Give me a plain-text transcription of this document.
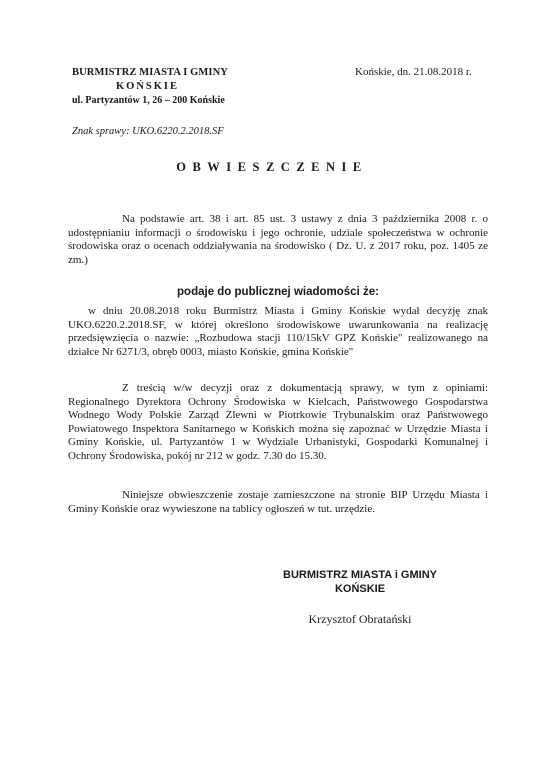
BURMISTRZ MIASTA I GMINY
KOŃSKIE
ul. Partyzantów 1, 26 – 200 Końskie
Końskie, dn. 21.08.2018 r.
Znak sprawy: UKO.6220.2.2018.SF
OBWIESZCZENIE
Na podstawie art. 38 i art. 85 ust. 3 ustawy z dnia 3 października 2008 r. o udostępnianiu informacji o środowisku i jego ochronie, udziale społeczeństwa w ochronie środowiska oraz o ocenach oddziaływania na środowisko ( Dz. U. z 2017 roku, poz. 1405 ze zm.)
podaje do publicznej wiadomości że:
w dniu 20.08.2018 roku Burmistrz Miasta i Gminy Końskie wydał decyzję znak UKO.6220.2.2018.SF, w której określono środowiskowe uwarunkowania na realizację przedsięwzięcia o nazwie: „Rozbudowa stacji 110/15kV GPZ Końskie" realizowanego na działce Nr 6271/3, obręb 0003, miasto Końskie, gmina Końskie"
Z treścią w/w decyzji oraz z dokumentacją sprawy, w tym z opiniami: Regionalnego Dyrektora Ochrony Środowiska w Kielcach, Państwowego Gospodarstwa Wodnego Wody Polskie Zarząd Zlewni w Piotrkowie Trybunalskim oraz Państwowego Powiatowego Inspektora Sanitarnego w Końskich można się zapoznać w Urzędzie Miasta i Gminy Końskie, ul. Partyzantów 1 w Wydziale Urbanistyki, Gospodarki Komunalnej i Ochrony Środowiska, pokój nr 212 w godz. 7.30 do 15.30.
Niniejsze obwieszczenie zostaje zamieszczone na stronie BIP Urzędu Miasta i Gminy Końskie oraz wywieszone na tablicy ogłoszeń w tut. urzędzie.
BURMISTRZ MIASTA i GMINY
KOŃSKIE
Krzysztof Obratański
